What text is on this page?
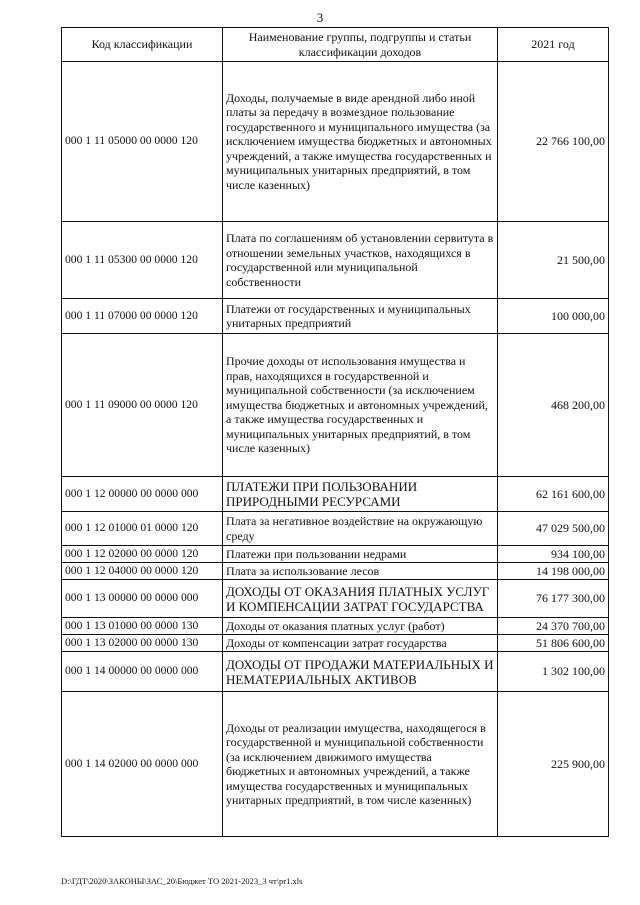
3
Код классификации	Наименование группы, подгруппы и статьи классификации доходов	2021 год
000 1 11 05000 00 0000 120	Доходы, получаемые в виде арендной либо иной платы за передачу в возмездное пользование государственного и муниципального имущества (за исключением имущества бюджетных и автономных учреждений, а также имущества государственных и муниципальных унитарных предприятий, в том числе казенных)	22 766 100,00
000 1 11 05300 00 0000 120	Плата по соглашениям об установлении сервитута в отношении земельных участков, находящихся в государственной или муниципальной собственности	21 500,00
000 1 11 07000 00 0000 120	Платежи от государственных и муниципальных унитарных предприятий	100 000,00
000 1 11 09000 00 0000 120	Прочие доходы от использования имущества и прав, находящихся в государственной и муниципальной собственности (за исключением имущества бюджетных и автономных учреждений, а также имущества государственных и муниципальных унитарных предприятий, в том числе казенных)	468 200,00
000 1 12 00000 00 0000 000	ПЛАТЕЖИ ПРИ ПОЛЬЗОВАНИИ ПРИРОДНЫМИ РЕСУРСАМИ	62 161 600,00
000 1 12 01000 01 0000 120	Плата за негативное воздействие на окружающую среду	47 029 500,00
000 1 12 02000 00 0000 120	Платежи при пользовании недрами	934 100,00
000 1 12 04000 00 0000 120	Плата за использование лесов	14 198 000,00
000 1 13 00000 00 0000 000	ДОХОДЫ ОТ ОКАЗАНИЯ ПЛАТНЫХ УСЛУГ И КОМПЕНСАЦИИ ЗАТРАТ ГОСУДАРСТВА	76 177 300,00
000 1 13 01000 00 0000 130	Доходы от оказания платных услуг (работ)	24 370 700,00
000 1 13 02000 00 0000 130	Доходы от компенсации затрат государства	51 806 600,00
000 1 14 00000 00 0000 000	ДОХОДЫ ОТ ПРОДАЖИ МАТЕРИАЛЬНЫХ И НЕМАТЕРИАЛЬНЫХ АКТИВОВ	1 302 100,00
000 1 14 02000 00 0000 000	Доходы от реализации имущества, находящегося в государственной и муниципальной собственности (за исключением движимого имущества бюджетных и автономных учреждений, а также имущества государственных и муниципальных унитарных предприятий, в том числе казенных)	225 900,00
D:\ГДТ\2020\ЗАКОНЫ\ЗАС_20\Бюджет ТО 2021-2023_3 чт\pr1.xls
